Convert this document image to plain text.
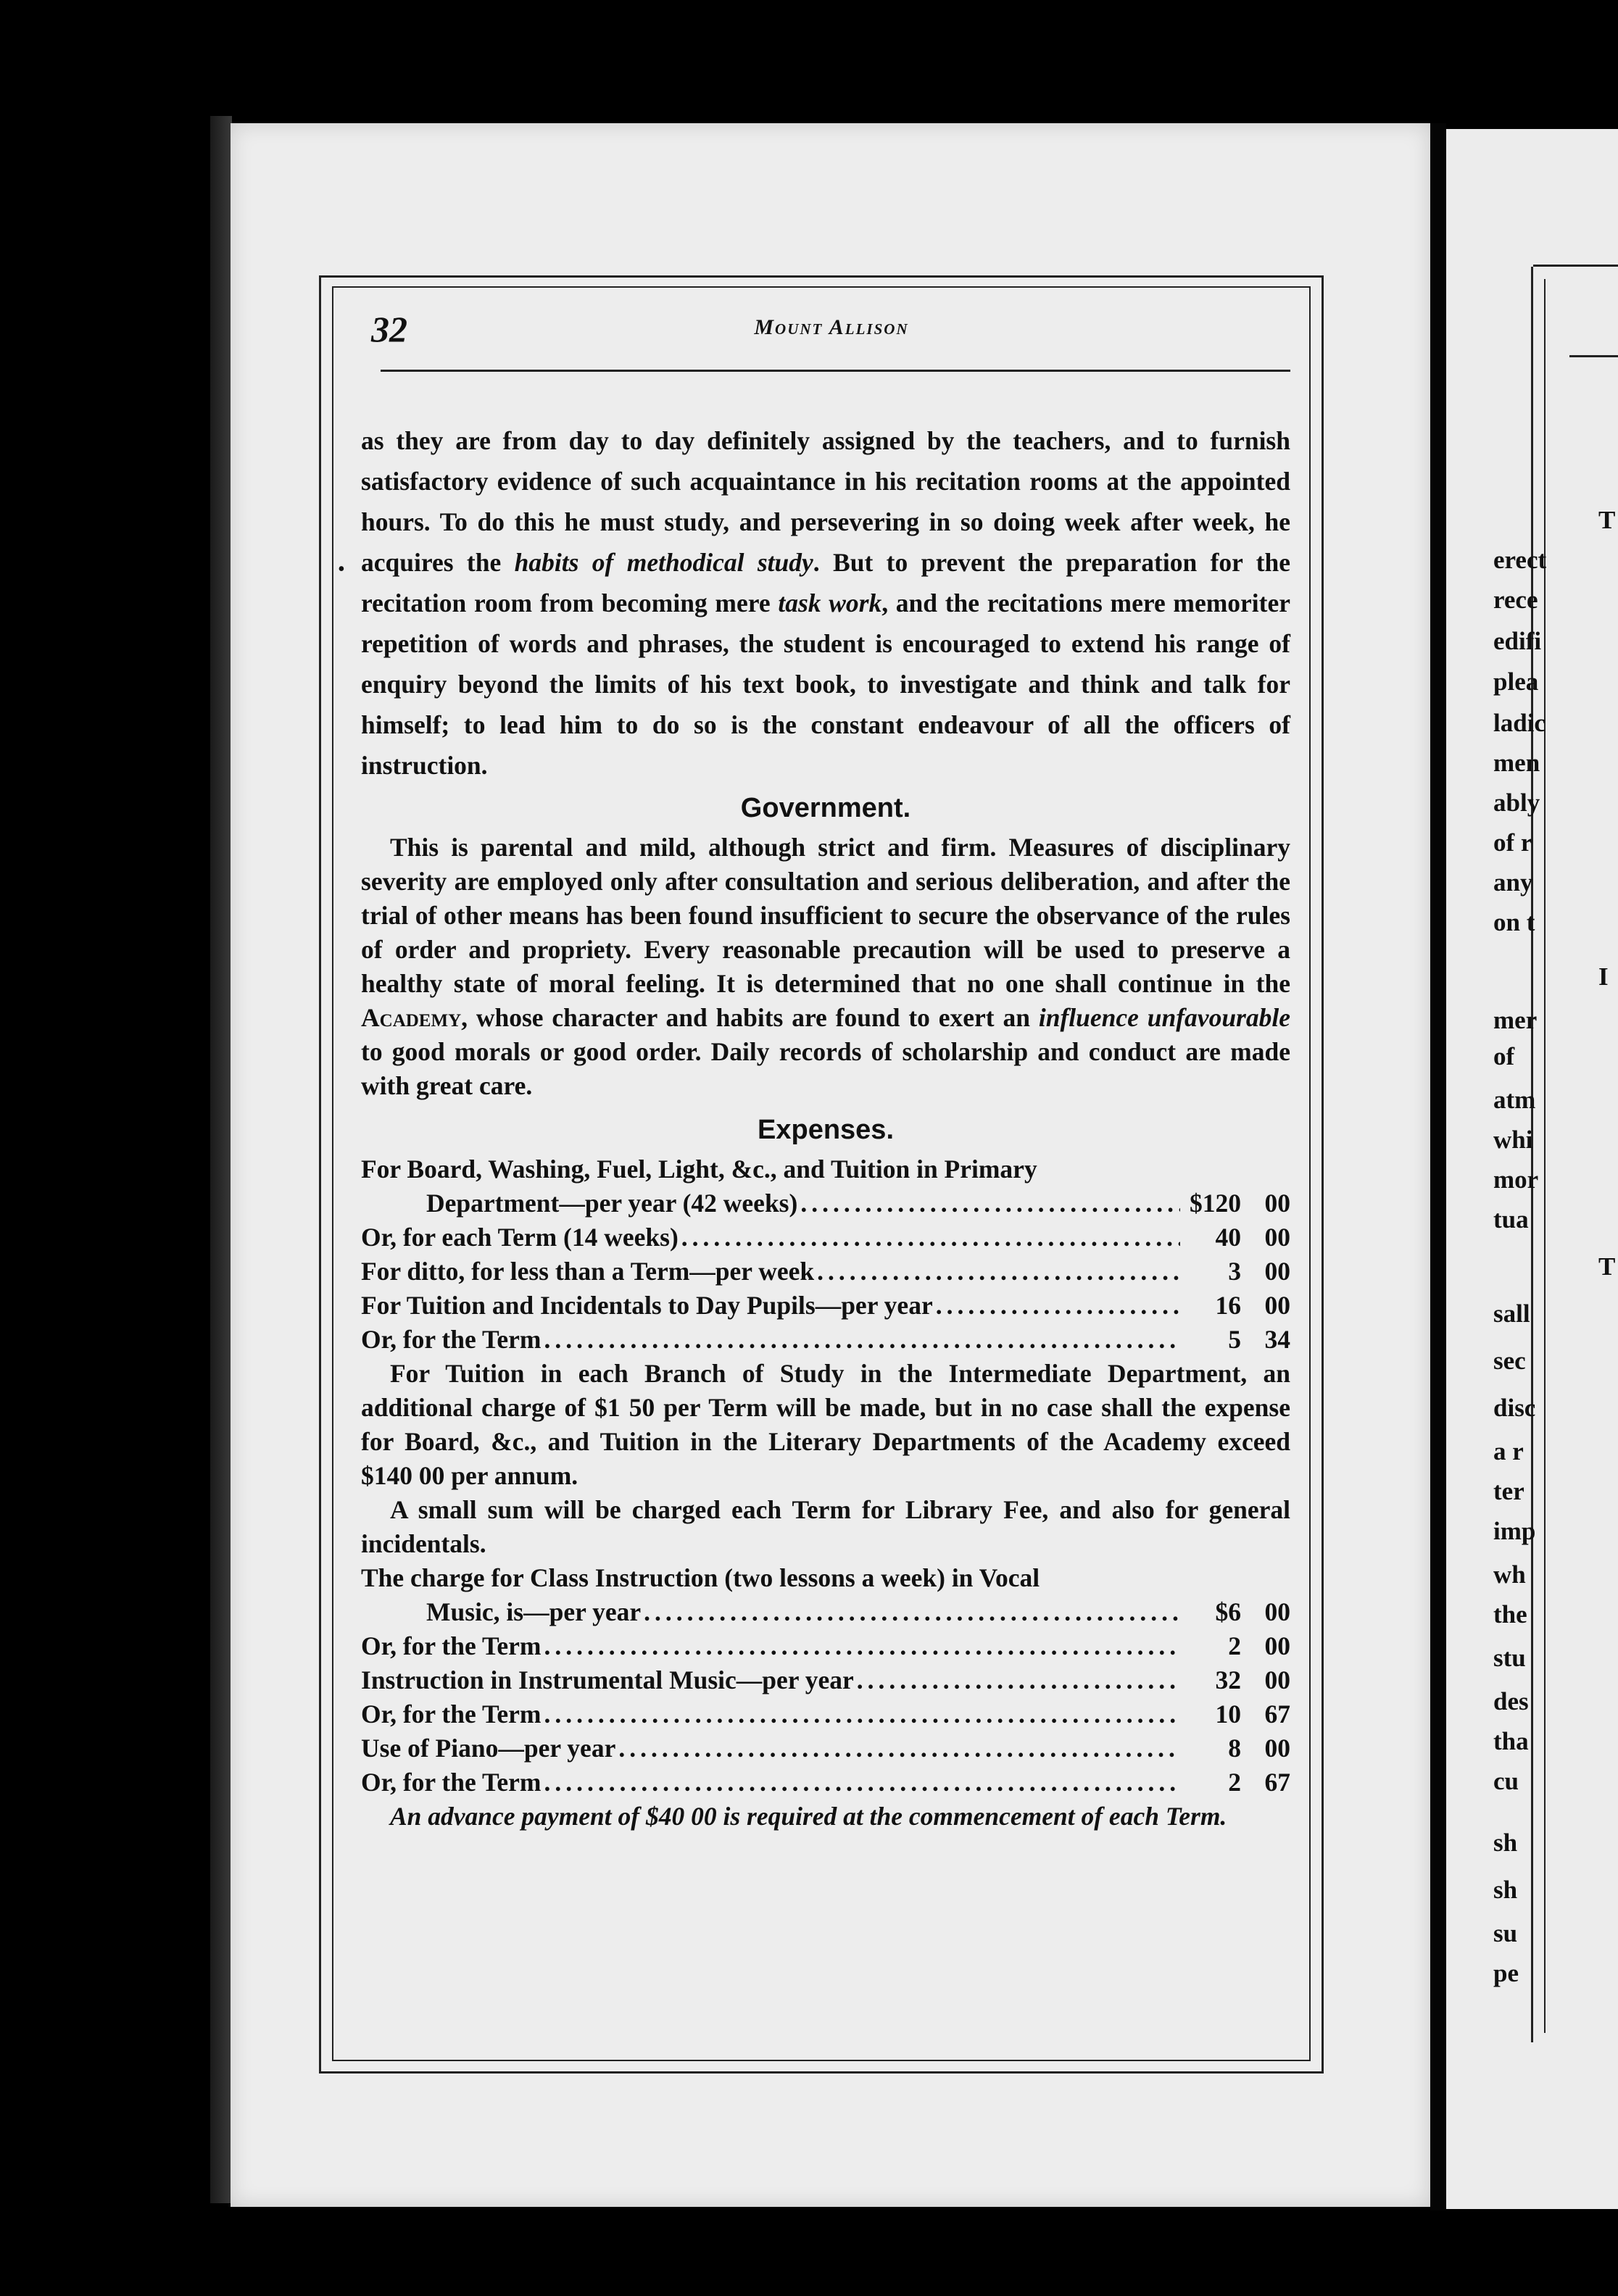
T
erect
rece
edifi
plea
ladic
men
ably
of r
any
on t
I
mer
of
atm
whi
mor
tua
T
sall
sec
disc
a r
ter
imp
wh
the
stu
des
tha
cu
sh
sh
su
pe
32	Mount Allison
•

as they are from day to day definitely assigned by the teachers, and to furnish satisfactory evidence of such acquaintance in his recitation rooms at the appointed hours. To do this he must study, and persevering in so doing week after week, he acquires the habits of methodical study. But to prevent the preparation for the recitation room from becoming mere task work, and the recitations mere memoriter repetition of words and phrases, the student is encouraged to extend his range of enquiry beyond the limits of his text book, to investigate and think and talk for himself; to lead him to do so is the constant endeavour of all the officers of instruction.

Government.

This is parental and mild, although strict and firm. Measures of disciplinary severity are employed only after consultation and serious deliberation, and after the trial of other means has been found insufficient to secure the observance of the rules of order and propriety. Every reasonable precaution will be used to preserve a healthy state of moral feeling. It is determined that no one shall continue in the Academy, whose character and habits are found to exert an influence unfavourable to good morals or good order. Daily records of scholarship and conduct are made with great care.

Expenses.

For Board, Washing, Fuel, Light, &c., and Tuition in Primary

Department—per year (42 weeks) .....	$120 00
Or, for each Term (14 weeks) .....	40 00
For ditto, for less than a Term—per week .....	3 00
For Tuition and Incidentals to Day Pupils—per year .....	16 00
Or, for the Term .....	5 34

For Tuition in each Branch of Study in the Intermediate Department, an additional charge of $1 50 per Term will be made, but in no case shall the expense for Board, &c., and Tuition in the Literary Departments of the Academy exceed $140 00 per annum.

A small sum will be charged each Term for Library Fee, and also for general incidentals.

The charge for Class Instruction (two lessons a week) in Vocal

Music, is—per year .....	$6 00
Or, for the Term .....	2 00
Instruction in Instrumental Music—per year .....	32 00
Or, for the Term .....	10 67
Use of Piano—per year .....	8 00
Or, for the Term .....	2 67

An advance payment of $40 00 is required at the commencement of each Term.
